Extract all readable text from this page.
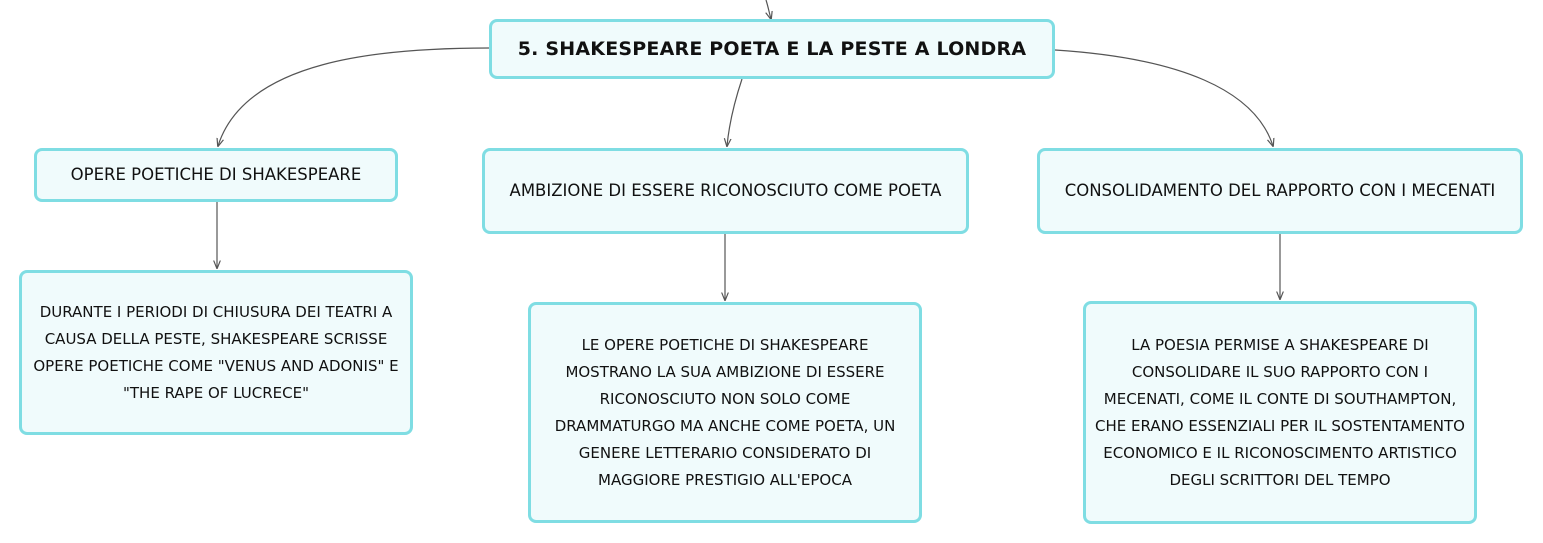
5. SHAKESPEARE POETA E LA PESTE A LONDRA
OPERE POETICHE DI SHAKESPEARE
AMBIZIONE DI ESSERE RICONOSCIUTO COME POETA	CONSOLIDAMENTO DEL RAPPORTO CON I MECENATI
DURANTE I PERIODI DI CHIUSURA DEI TEATRI A CAUSA DELLA PESTE, SHAKESPEARE SCRISSE OPERE POETICHE COME "VENUS AND ADONIS" E "THE RAPE OF LUCRECE"
LE OPERE POETICHE DI SHAKESPEARE MOSTRANO LA SUA AMBIZIONE DI ESSERE RICONOSCIUTO NON SOLO COME DRAMMATURGO MA ANCHE COME POETA, UN GENERE LETTERARIO CONSIDERATO DI MAGGIORE PRESTIGIO ALL'EPOCA
LA POESIA PERMISE A SHAKESPEARE DI CONSOLIDARE IL SUO RAPPORTO CON I MECENATI, COME IL CONTE DI SOUTHAMPTON, CHE ERANO ESSENZIALI PER IL SOSTENTAMENTO ECONOMICO E IL RICONOSCIMENTO ARTISTICO DEGLI SCRITTORI DEL TEMPO
